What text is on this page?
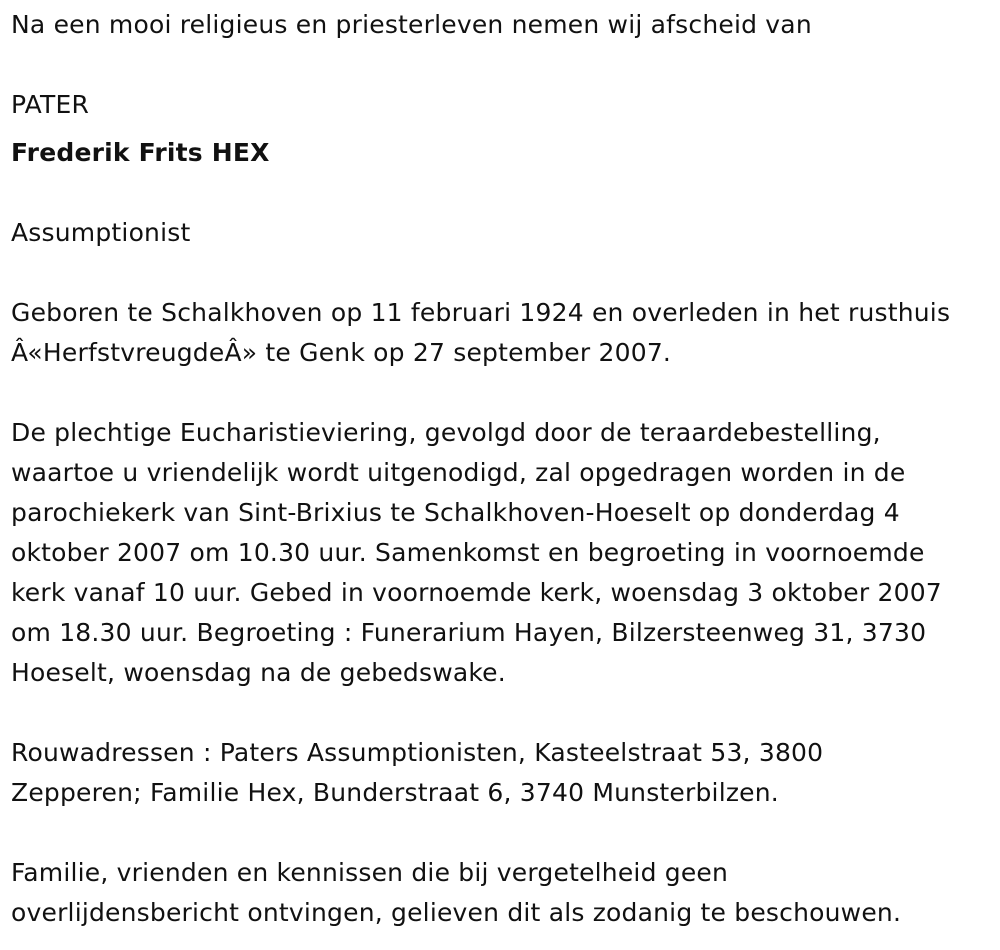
Na een mooi religieus en priesterleven nemen wij afscheid van

PATER

Frederik Frits HEX

Assumptionist

Geboren te Schalkhoven op 11 februari 1924 en overleden in het rusthuis

Â«HerfstvreugdeÂ» te Genk op 27 september 2007.

De plechtige Eucharistieviering, gevolgd door de teraardebestelling,

waartoe u vriendelijk wordt uitgenodigd, zal opgedragen worden in de

parochiekerk van Sint-Brixius te Schalkhoven-Hoeselt op donderdag 4

oktober 2007 om 10.30 uur. Samenkomst en begroeting in voornoemde

kerk vanaf 10 uur. Gebed in voornoemde kerk, woensdag 3 oktober 2007

om 18.30 uur. Begroeting : Funerarium Hayen, Bilzersteenweg 31, 3730

Hoeselt, woensdag na de gebedswake.

Rouwadressen : Paters Assumptionisten, Kasteelstraat 53, 3800

Zepperen; Familie Hex, Bunderstraat 6, 3740 Munsterbilzen.

Familie, vrienden en kennissen die bij vergetelheid geen

overlijdensbericht ontvingen, gelieven dit als zodanig te beschouwen.
